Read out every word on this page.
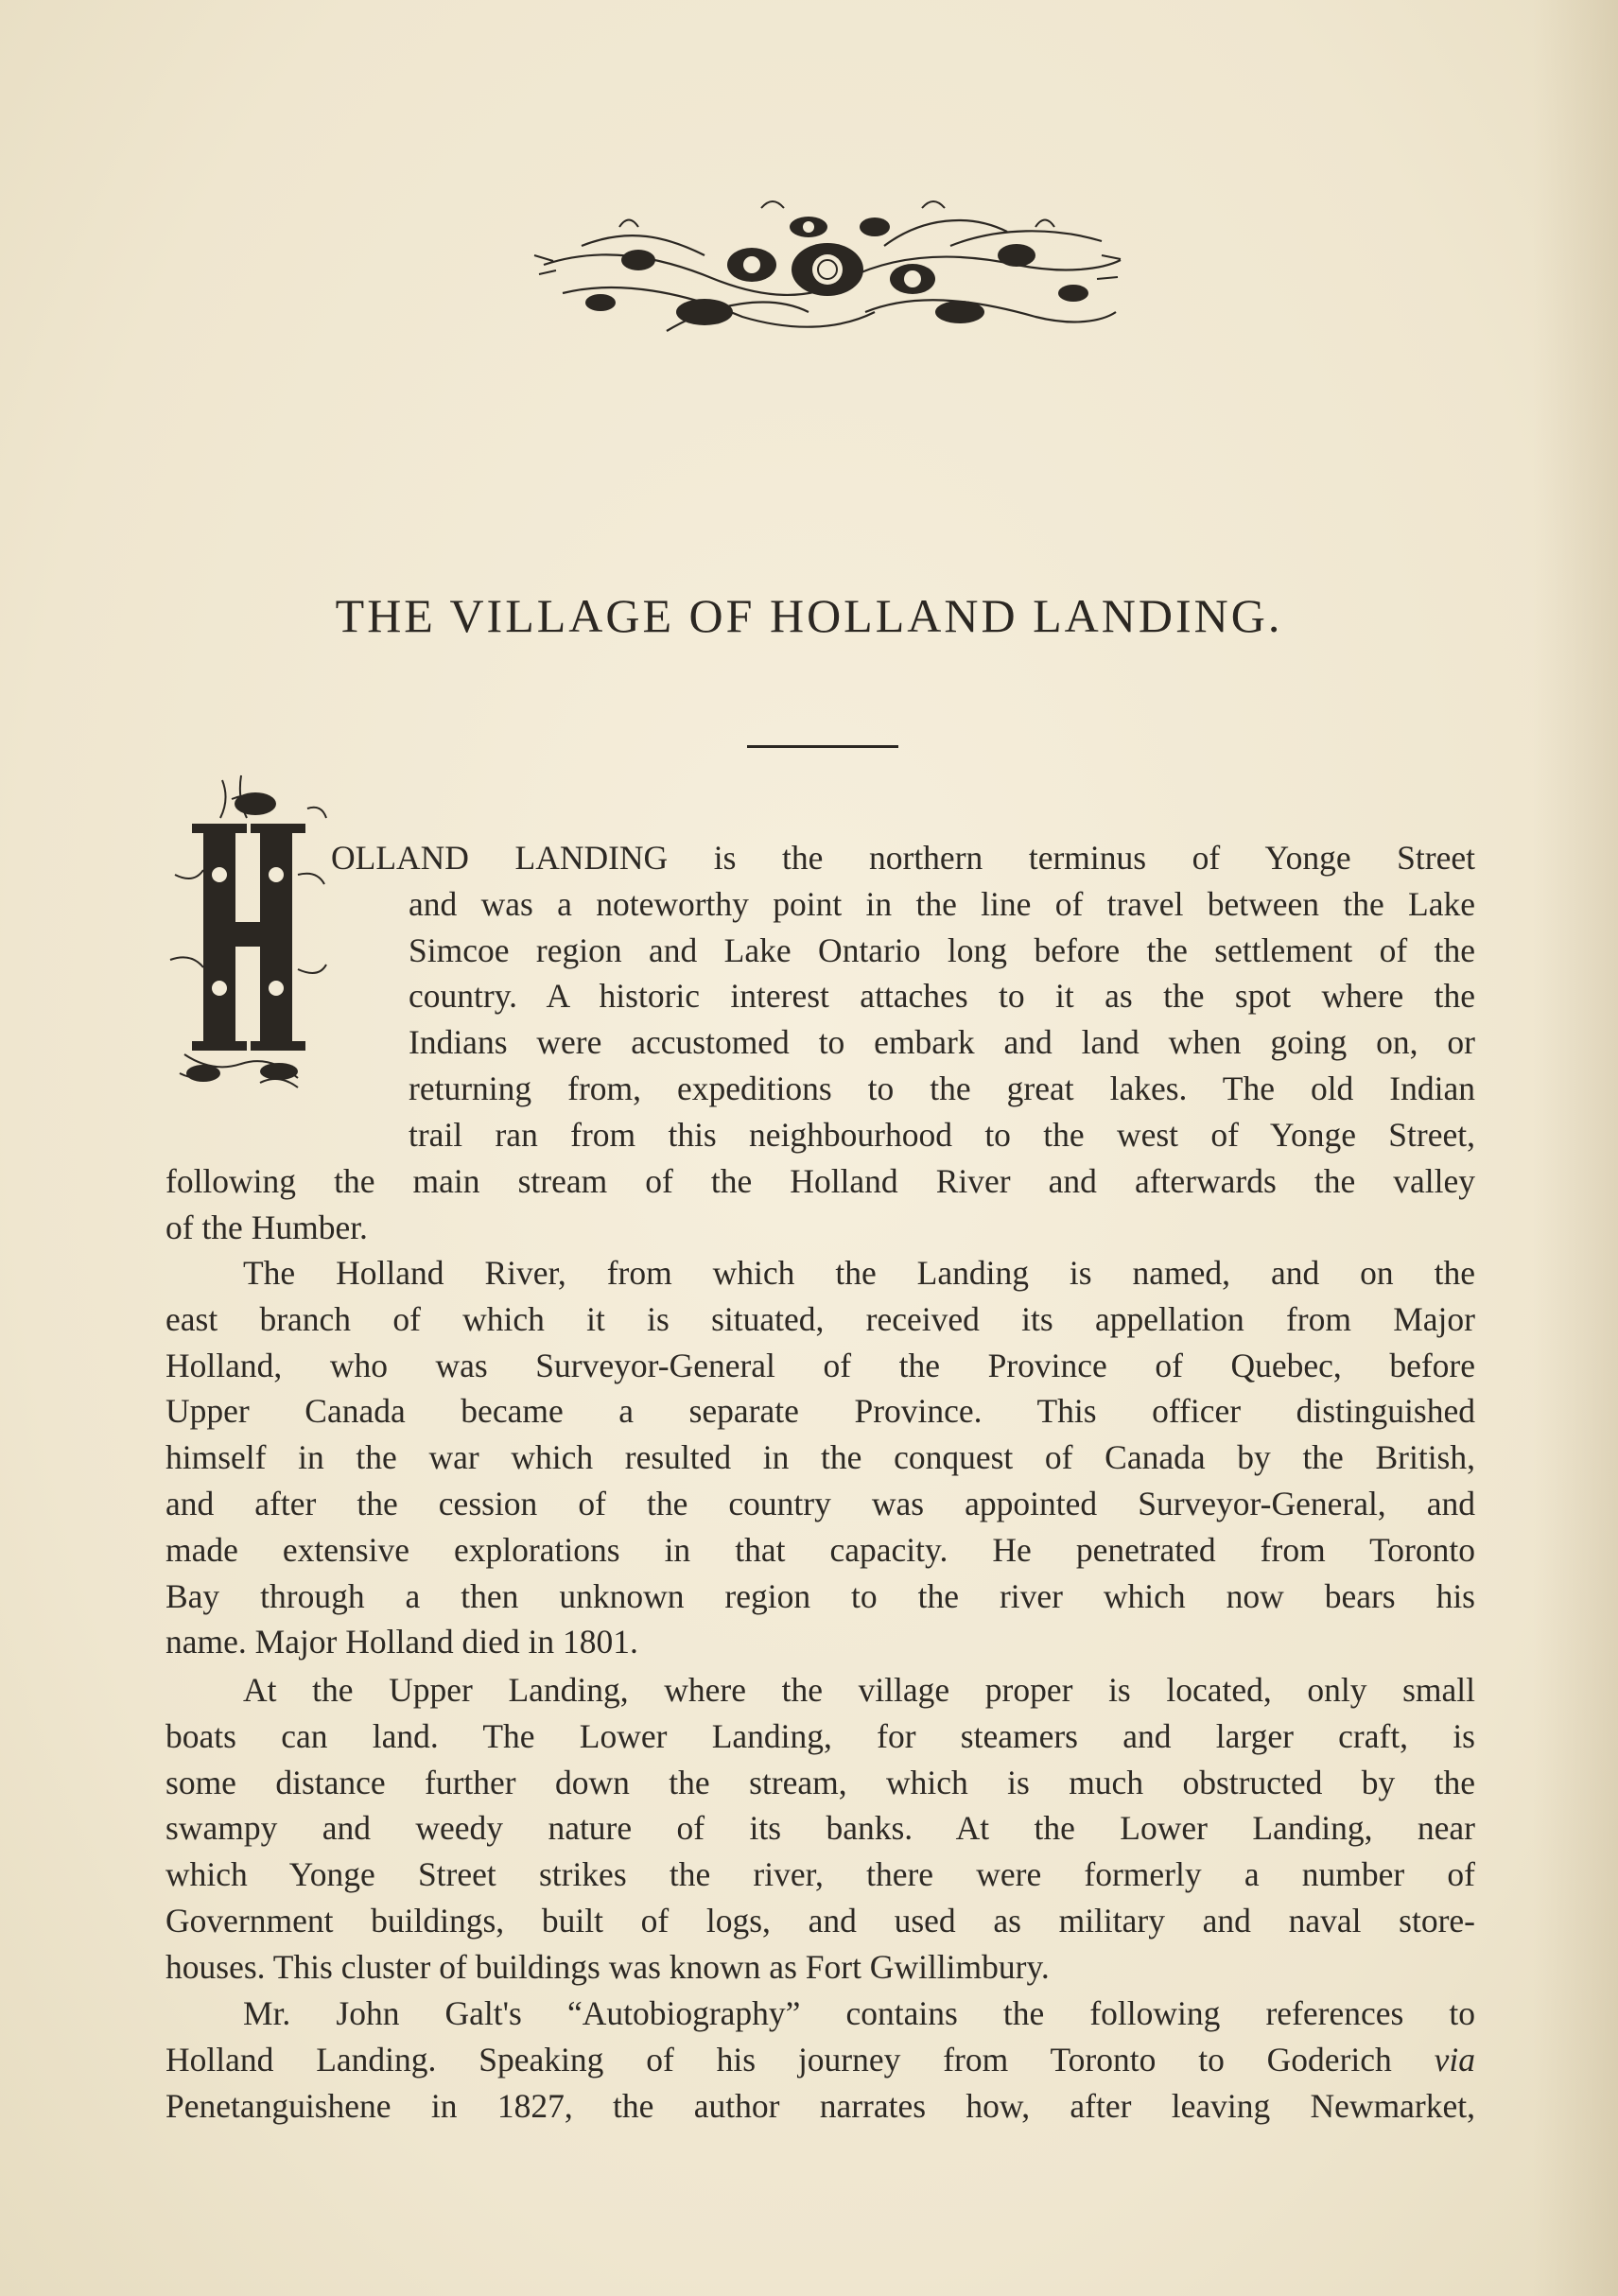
THE VILLAGE OF HOLLAND LANDING.
OLLAND LANDING is the northern terminus of Yonge Street
and was a noteworthy point in the line of travel between the Lake
Simcoe region and Lake Ontario long before the settlement of the
country. A historic interest attaches to it as the spot where the
Indians were accustomed to embark and land when going on, or
returning from, expeditions to the great lakes. The old Indian
trail ran from this neighbourhood to the west of Yonge Street,
following the main stream of the Holland River and afterwards the valley
of the Humber.
The Holland River, from which the Landing is named, and on the
east branch of which it is situated, received its appellation from Major
Holland, who was Surveyor-General of the Province of Quebec, before
Upper Canada became a separate Province. This officer distinguished
himself in the war which resulted in the conquest of Canada by the British,
and after the cession of the country was appointed Surveyor-General, and
made extensive explorations in that capacity. He penetrated from Toronto
Bay through a then unknown region to the river which now bears his
name. Major Holland died in 1801.
At the Upper Landing, where the village proper is located, only small
boats can land. The Lower Landing, for steamers and larger craft, is
some distance further down the stream, which is much obstructed by the
swampy and weedy nature of its banks. At the Lower Landing, near
which Yonge Street strikes the river, there were formerly a number of
Government buildings, built of logs, and used as military and naval store-
houses. This cluster of buildings was known as Fort Gwillimbury.
Mr. John Galt's “Autobiography” contains the following references to
Holland Landing. Speaking of his journey from Toronto to Goderich via
Penetanguishene in 1827, the author narrates how, after leaving Newmarket,
